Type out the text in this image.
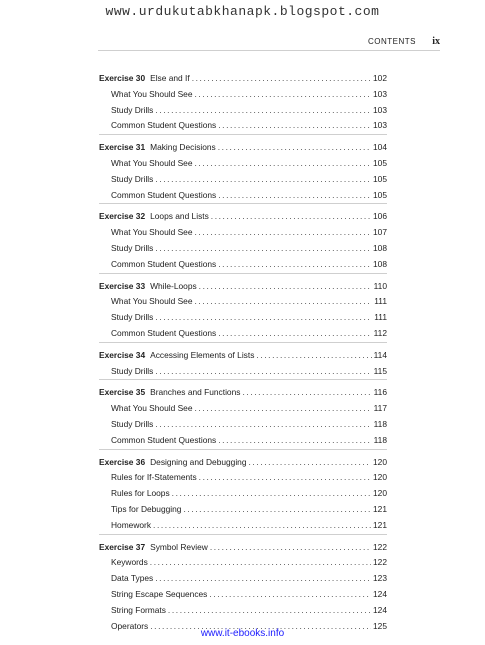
www.urdukutabkhanapk.blogspot.com
CONTENTS ix
Exercise 30 Else and If .....	102
What You Should See .....	103
Study Drills .....	103
Common Student Questions .....	103
Exercise 31 Making Decisions .....	104
What You Should See .....	105
Study Drills .....	105
Common Student Questions .....	105
Exercise 32 Loops and Lists .....	106
What You Should See .....	107
Study Drills .....	108
Common Student Questions .....	108
Exercise 33 While-Loops .....	110
What You Should See .....	111
Study Drills .....	111
Common Student Questions .....	112
Exercise 34 Accessing Elements of Lists .....	114
Study Drills .....	115
Exercise 35 Branches and Functions .....	116
What You Should See .....	117
Study Drills .....	118
Common Student Questions .....	118
Exercise 36 Designing and Debugging .....	120
Rules for If-Statements .....	120
Rules for Loops .....	120
Tips for Debugging .....	121
Homework .....	121
Exercise 37 Symbol Review .....	122
Keywords .....	122
Data Types .....	123
String Escape Sequences .....	124
String Formats .....	124
Operators .....	125
www.it-ebooks.info
